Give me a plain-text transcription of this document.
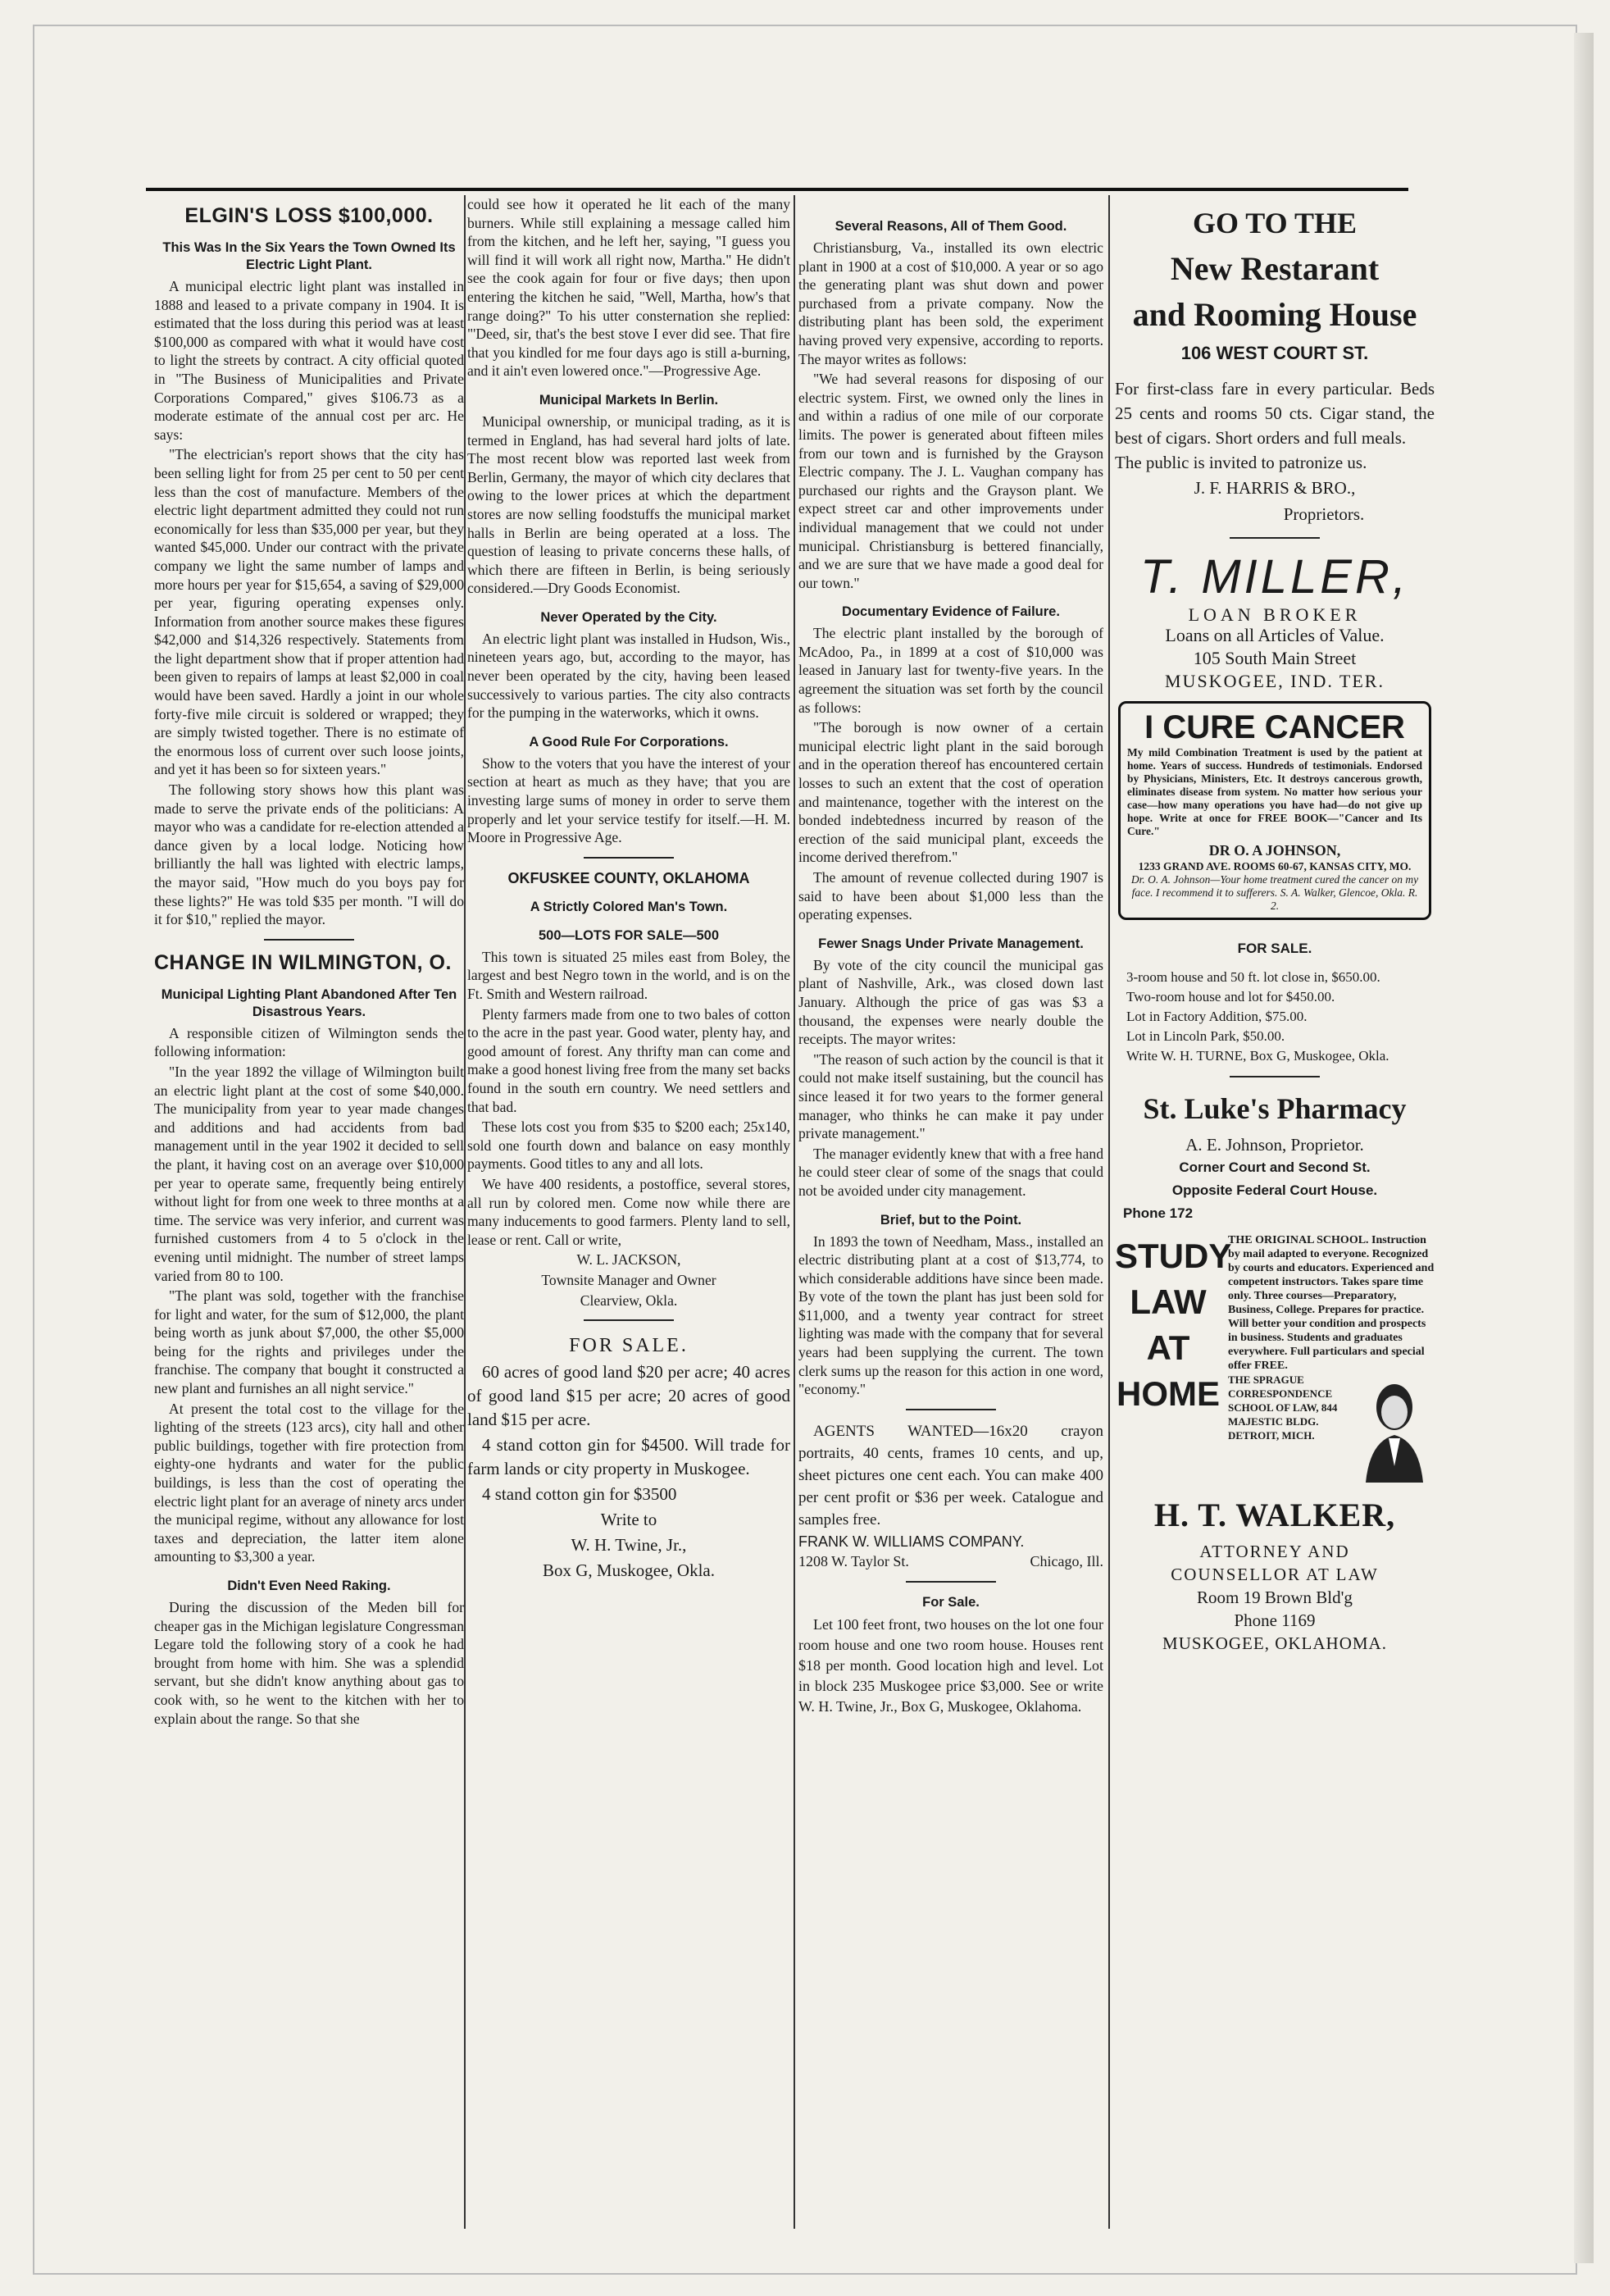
ELGIN'S LOSS $100,000.
This Was In the Six Years the Town Owned Its Electric Light Plant.

A municipal electric light plant was installed in 1888 and leased to a private company in 1904. It is estimated that the loss during this period was at least $100,000 as compared with what it would have cost to light the streets by contract. A city official quoted in "The Business of Municipalities and Private Corporations Compared," gives $106.73 as a moderate estimate of the annual cost per arc. He says:

"The electrician's report shows that the city has been selling light for from 25 per cent to 50 per cent less than the cost of manufacture. Members of the electric light department admitted they could not run economically for less than $35,000 per year, but they wanted $45,000. Under our contract with the private company we light the same number of lamps and more hours per year for $15,654, a saving of $29,000 per year, figuring operating expenses only. Information from another source makes these figures $42,000 and $14,326 respectively. Statements from the light department show that if proper attention had been given to repairs of lamps at least $2,000 in coal would have been saved. Hardly a joint in our whole forty-five mile circuit is soldered or wrapped; they are simply twisted together. There is no estimate of the enormous loss of current over such loose joints, and yet it has been so for sixteen years."

The following story shows how this plant was made to serve the private ends of the politicians: A mayor who was a candidate for re-election attended a dance given by a local lodge. Noticing how brilliantly the hall was lighted with electric lamps, the mayor said, "How much do you boys pay for these lights?" He was told $35 per month. "I will do it for $10," replied the mayor.

CHANGE IN WILMINGTON, O.
Municipal Lighting Plant Abandoned After Ten Disastrous Years.

A responsible citizen of Wilmington sends the following information:

"In the year 1892 the village of Wilmington built an electric light plant at the cost of some $40,000. The municipality from year to year made changes and additions and had accidents from bad management until in the year 1902 it decided to sell the plant, it having cost on an average over $10,000 per year to operate same, frequently being entirely without light for from one week to three months at a time. The service was very inferior, and current was furnished customers from 4 to 5 o'clock in the evening until midnight. The number of street lamps varied from 80 to 100.

"The plant was sold, together with the franchise for light and water, for the sum of $12,000, the plant being worth as junk about $7,000, the other $5,000 being for the rights and privileges under the franchise. The company that bought it constructed a new plant and furnishes an all night service."

At present the total cost to the village for the lighting of the streets (123 arcs), city hall and other public buildings, together with fire protection from eighty-one hydrants and water for the public buildings, is less than the cost of operating the electric light plant for an average of ninety arcs under the municipal regime, without any allowance for lost taxes and depreciation, the latter item alone amounting to $3,300 a year.

Didn't Even Need Raking.

During the discussion of the Meden bill for cheaper gas in the Michigan legislature Congressman Legare told the following story of a cook he had brought from home with him. She was a splendid servant, but she didn't know anything about gas to cook with, so he went to the kitchen with her to explain about the range. So that she

could see how it operated he lit each of the many burners. While still explaining a message called him from the kitchen, and he left her, saying, "I guess you will find it will work all right now, Martha." He didn't see the cook again for four or five days; then upon entering the kitchen he said, "Well, Martha, how's that range doing?" To his utter consternation she replied: "'Deed, sir, that's the best stove I ever did see. That fire that you kindled for me four days ago is still a-burning, and it ain't even lowered once."—Progressive Age.

Municipal Markets In Berlin.

Municipal ownership, or municipal trading, as it is termed in England, has had several hard jolts of late. The most recent blow was reported last week from Berlin, Germany, the mayor of which city declares that owing to the lower prices at which the department stores are now selling foodstuffs the municipal market halls in Berlin are being operated at a loss. The question of leasing to private concerns these halls, of which there are fifteen in Berlin, is being seriously considered.—Dry Goods Economist.

Never Operated by the City.

An electric light plant was installed in Hudson, Wis., nineteen years ago, but, according to the mayor, has never been operated by the city, having been leased successively to various parties. The city also contracts for the pumping in the waterworks, which it owns.

A Good Rule For Corporations.

Show to the voters that you have the interest of your section at heart as much as they have; that you are investing large sums of money in order to serve them properly and let your service testify for itself.—H. M. Moore in Progressive Age.

OKFUSKEE COUNTY, OKLAHOMA
A Strictly Colored Man's Town.
500—LOTS FOR SALE—500

This town is situated 25 miles east from Boley, the largest and best Negro town in the world, and is on the Ft. Smith and Western railroad.

Plenty farmers made from one to two bales of cotton to the acre in the past year. Good water, plenty hay, and good amount of forest. Any thrifty man can come and make a good honest living free from the many set backs found in the south ern country. We need settlers and that bad.

These lots cost you from $35 to $200 each; 25x140, sold one fourth down and balance on easy monthly payments. Good titles to any and all lots.

We have 400 residents, a postoffice, several stores, all run by colored men. Come now while there are many inducements to good farmers. Plenty land to sell, lease or rent. Call or write,

W. L. JACKSON,

Townsite Manager and Owner

Clearview, Okla.

FOR SALE.

60 acres of good land $20 per acre; 40 acres of good land $15 per acre; 20 acres of good land $15 per acre.

4 stand cotton gin for $4500. Will trade for farm lands or city property in Muskogee.

4 stand cotton gin for $3500

Write to

W. H. Twine, Jr.,

Box G, Muskogee, Okla.

Several Reasons, All of Them Good.

Christiansburg, Va., installed its own electric plant in 1900 at a cost of $10,000. A year or so ago the generating plant was shut down and power purchased from a private company. Now the distributing plant has been sold, the experiment having proved very expensive, according to reports. The mayor writes as follows:

"We had several reasons for disposing of our electric system. First, we owned only the lines in and within a radius of one mile of our corporate limits. The power is generated about fifteen miles from our town and is furnished by the Grayson Electric company. The J. L. Vaughan company has purchased our rights and the Grayson plant. We expect street car and other improvements under individual management that we could not under municipal. Christiansburg is bettered financially, and we are sure that we have made a good deal for our town."

Documentary Evidence of Failure.

The electric plant installed by the borough of McAdoo, Pa., in 1899 at a cost of $10,000 was leased in January last for twenty-five years. In the agreement the situation was set forth by the council as follows:

"The borough is now owner of a certain municipal electric light plant in the said borough and in the operation thereof has encountered certain losses to such an extent that the cost of operation and maintenance, together with the interest on the bonded indebtedness incurred by reason of the erection of the said municipal plant, exceeds the income derived therefrom."

The amount of revenue collected during 1907 is said to have been about $1,000 less than the operating expenses.

Fewer Snags Under Private Management.

By vote of the city council the municipal gas plant of Nashville, Ark., was closed down last January. Although the price of gas was $3 a thousand, the expenses were nearly double the receipts. The mayor writes:

"The reason of such action by the council is that it could not make itself sustaining, but the council has since leased it for two years to the former general manager, who thinks he can make it pay under private management."

The manager evidently knew that with a free hand he could steer clear of some of the snags that could not be avoided under city management.

Brief, but to the Point.

In 1893 the town of Needham, Mass., installed an electric distributing plant at a cost of $13,774, to which considerable additions have since been made. By vote of the town the plant has just been sold for $11,000, and a twenty year contract for street lighting was made with the company that for several years had been supplying the current. The town clerk sums up the reason for this action in one word, "economy."

AGENTS WANTED—16x20 crayon portraits, 40 cents, frames 10 cents, and up, sheet pictures one cent each. You can make 400 per cent profit or $36 per week. Catalogue and samples free.

FRANK W. WILLIAMS COMPANY.

1208 W. Taylor St.	Chicago, Ill.
For Sale.

Let 100 feet front, two houses on the lot one four room house and one two room house. Houses rent $18 per month. Good location high and level. Lot in block 235 Muskogee price $3,000. See or write W. H. Twine, Jr., Box G, Muskogee, Oklahoma.

GO TO THE
New Restarant
and Rooming House
106 WEST COURT ST.
For first-class fare in every particular. Beds 25 cents and rooms 50 cts. Cigar stand, the best of cigars. Short orders and full meals.
The public is invited to patronize us.
J. F. HARRIS & BRO.,
Proprietors.
T. MILLER,
LOAN BROKER
Loans on all Articles of Value.
105 South Main Street
MUSKOGEE, IND. TER.
I CURE CANCER
My mild Combination Treatment is used by the patient at home. Years of success. Hundreds of testimonials. Endorsed by Physicians, Ministers, Etc. It destroys cancerous growth, eliminates disease from system. No matter how serious your case—how many operations you have had—do not give up hope. Write at once for FREE BOOK—"Cancer and Its Cure."
DR O. A JOHNSON,
1233 GRAND AVE. ROOMS 60-67, KANSAS CITY, MO.
Dr. O. A. Johnson—Your home treatment cured the cancer on my face. I recommend it to sufferers. S. A. Walker, Glencoe, Okla. R. 2.
FOR SALE.
3-room house and 50 ft. lot close in, $650.00.
Two-room house and lot for $450.00.
Lot in Factory Addition, $75.00.
Lot in Lincoln Park, $50.00.
Write W. H. TURNE, Box G, Muskogee, Okla.
St. Luke's Pharmacy
A. E. Johnson, Proprietor.
Corner Court and Second St.
Opposite Federal Court House.
Phone 172
STUDY
LAW
AT
HOME
THE ORIGINAL SCHOOL. Instruction by mail adapted to everyone. Recognized by courts and educators. Experienced and competent instructors. Takes spare time only. Three courses—Preparatory, Business, College. Prepares for practice. Will better your condition and prospects in business. Students and graduates everywhere. Full particulars and special offer FREE.
THE SPRAGUE CORRESPONDENCE SCHOOL OF LAW, 844 MAJESTIC BLDG. DETROIT, MICH.
H. T. WALKER,
ATTORNEY AND
COUNSELLOR AT LAW
Room 19 Brown Bld'g
Phone 1169
MUSKOGEE, OKLAHOMA.
